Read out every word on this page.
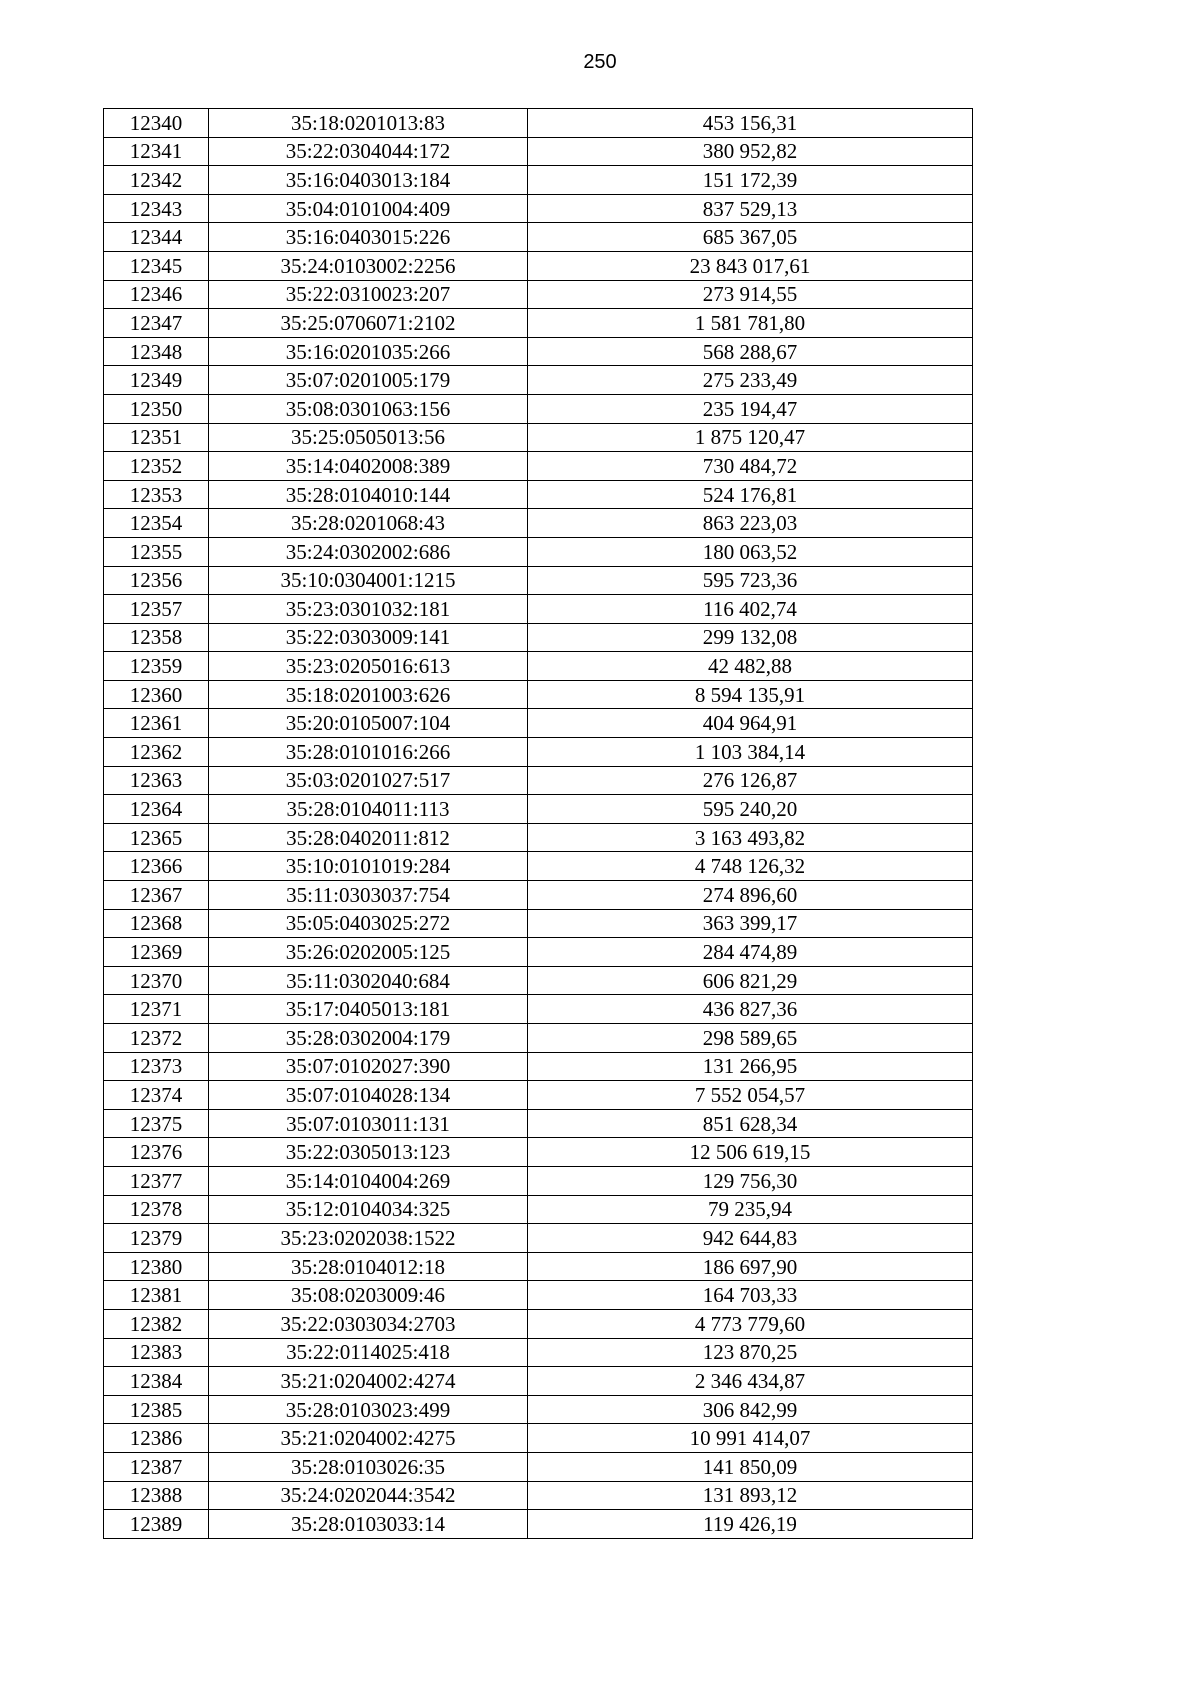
250
12340	35:18:0201013:83	453 156,31
12341	35:22:0304044:172	380 952,82
12342	35:16:0403013:184	151 172,39
12343	35:04:0101004:409	837 529,13
12344	35:16:0403015:226	685 367,05
12345	35:24:0103002:2256	23 843 017,61
12346	35:22:0310023:207	273 914,55
12347	35:25:0706071:2102	1 581 781,80
12348	35:16:0201035:266	568 288,67
12349	35:07:0201005:179	275 233,49
12350	35:08:0301063:156	235 194,47
12351	35:25:0505013:56	1 875 120,47
12352	35:14:0402008:389	730 484,72
12353	35:28:0104010:144	524 176,81
12354	35:28:0201068:43	863 223,03
12355	35:24:0302002:686	180 063,52
12356	35:10:0304001:1215	595 723,36
12357	35:23:0301032:181	116 402,74
12358	35:22:0303009:141	299 132,08
12359	35:23:0205016:613	42 482,88
12360	35:18:0201003:626	8 594 135,91
12361	35:20:0105007:104	404 964,91
12362	35:28:0101016:266	1 103 384,14
12363	35:03:0201027:517	276 126,87
12364	35:28:0104011:113	595 240,20
12365	35:28:0402011:812	3 163 493,82
12366	35:10:0101019:284	4 748 126,32
12367	35:11:0303037:754	274 896,60
12368	35:05:0403025:272	363 399,17
12369	35:26:0202005:125	284 474,89
12370	35:11:0302040:684	606 821,29
12371	35:17:0405013:181	436 827,36
12372	35:28:0302004:179	298 589,65
12373	35:07:0102027:390	131 266,95
12374	35:07:0104028:134	7 552 054,57
12375	35:07:0103011:131	851 628,34
12376	35:22:0305013:123	12 506 619,15
12377	35:14:0104004:269	129 756,30
12378	35:12:0104034:325	79 235,94
12379	35:23:0202038:1522	942 644,83
12380	35:28:0104012:18	186 697,90
12381	35:08:0203009:46	164 703,33
12382	35:22:0303034:2703	4 773 779,60
12383	35:22:0114025:418	123 870,25
12384	35:21:0204002:4274	2 346 434,87
12385	35:28:0103023:499	306 842,99
12386	35:21:0204002:4275	10 991 414,07
12387	35:28:0103026:35	141 850,09
12388	35:24:0202044:3542	131 893,12
12389	35:28:0103033:14	119 426,19
